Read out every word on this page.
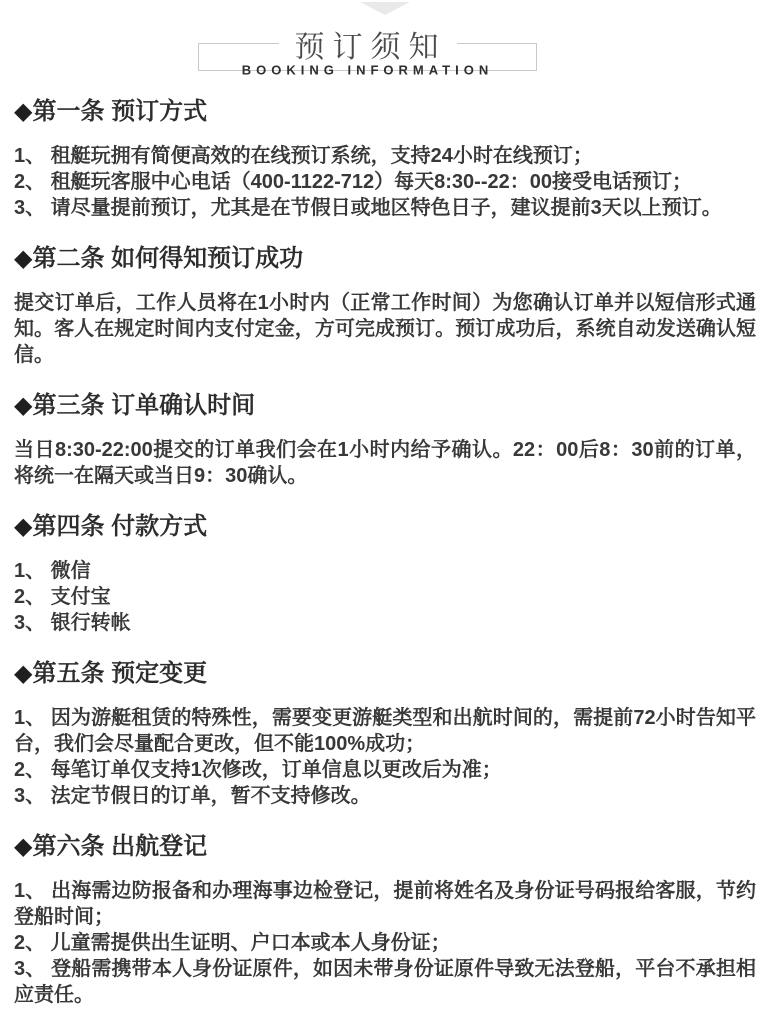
预订须知
BOOKING INFORMATION
◆第一条 预订方式

1、 租艇玩拥有简便高效的在线预订系统，支持24小时在线预订；

2、 租艇玩客服中心电话（400-1122-712）每天8:30--22：00接受电话预订；

3、 请尽量提前预订，尤其是在节假日或地区特色日子，建议提前3天以上预订。

◆第二条 如何得知预订成功

提交订单后，工作人员将在1小时内（正常工作时间）为您确认订单并以短信形式通知。客人在规定时间内支付定金，方可完成预订。预订成功后，系统自动发送确认短信。

◆第三条 订单确认时间

当日8:30-22:00提交的订单我们会在1小时内给予确认。22：00后8：30前的订单，将统一在隔天或当日9：30确认。

◆第四条 付款方式

1、 微信

2、 支付宝

3、 银行转帐

◆第五条 预定变更

1、 因为游艇租赁的特殊性，需要变更游艇类型和出航时间的，需提前72小时告知平台，我们会尽量配合更改，但不能100%成功；

2、 每笔订单仅支持1次修改，订单信息以更改后为准；

3、 法定节假日的订单，暂不支持修改。

◆第六条 出航登记

1、 出海需边防报备和办理海事边检登记，提前将姓名及身份证号码报给客服，节约登船时间；

2、 儿童需提供出生证明、户口本或本人身份证；

3、 登船需携带本人身份证原件，如因未带身份证原件导致无法登船，平台不承担相应责任。
